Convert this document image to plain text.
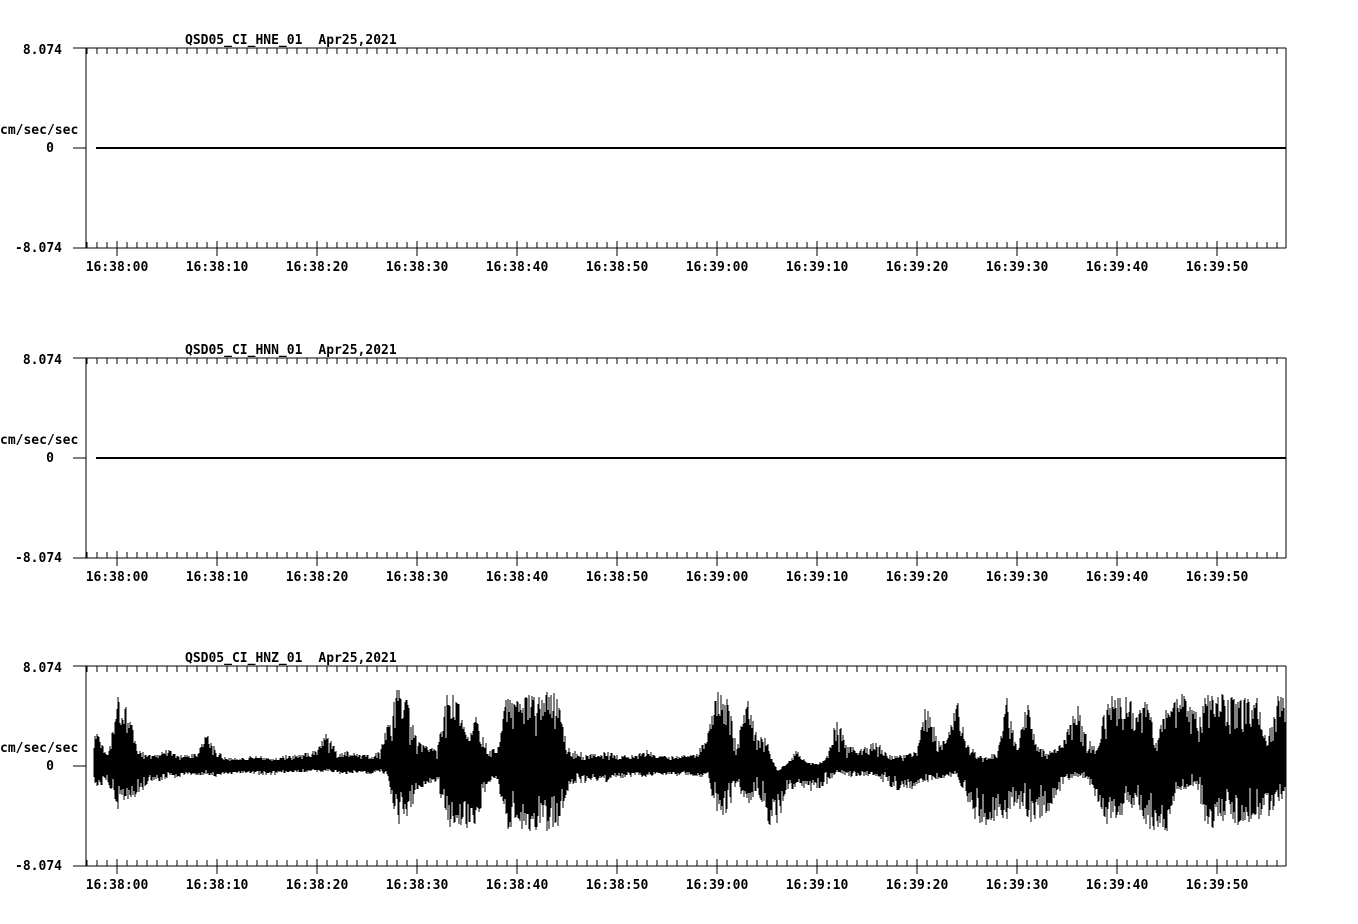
QSD05_CI_HNE_01 Apr25,2021
8.074
cm/sec/sec
0
-8.074
16:38:00	16:38:10	16:38:20	16:38:30	16:38:40	16:38:50	16:39:00	16:39:10	16:39:20	16:39:30	16:39:40	16:39:50
QSD05_CI_HNN_01 Apr25,2021
8.074
cm/sec/sec
0
-8.074
16:38:00	16:38:10	16:38:20	16:38:30	16:38:40	16:38:50	16:39:00	16:39:10	16:39:20	16:39:30	16:39:40	16:39:50
QSD05_CI_HNZ_01 Apr25,2021
8.074
cm/sec/sec
0
-8.074
16:38:00	16:38:10	16:38:20	16:38:30	16:38:40	16:38:50	16:39:00	16:39:10	16:39:20	16:39:30	16:39:40	16:39:50
